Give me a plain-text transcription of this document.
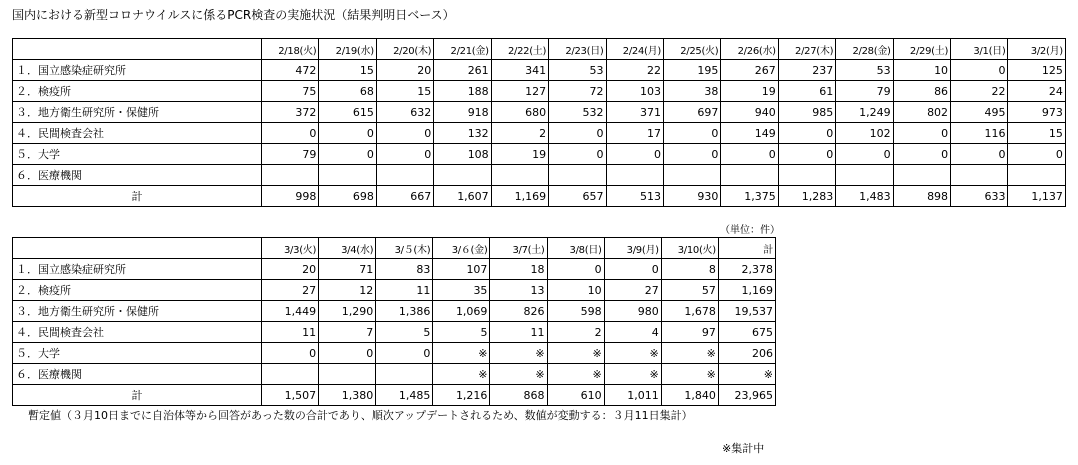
国内における新型コロナウイルスに係るPCR検査の実施状況（結果判明日ベース）
	2/18(火)	2/19(水)	2/20(木)	2/21(金)	2/22(土)	2/23(日)	2/24(月)	2/25(火)	2/26(水)	2/27(木)	2/28(金)	2/29(土)	3/1(日)	3/2(月)
１．国立感染症研究所	472	15	20	261	341	53	22	195	267	237	53	10	0	125
２．検疫所	75	68	15	188	127	72	103	38	19	61	79	86	22	24
３．地方衛生研究所・保健所	372	615	632	918	680	532	371	697	940	985	1,249	802	495	973
４．民間検査会社	0	0	0	132	2	0	17	0	149	0	102	0	116	15
５．大学	79	0	0	108	19	0	0	0	0	0	0	0	0	0
６．医療機関														
計	998	698	667	1,607	1,169	657	513	930	1,375	1,283	1,483	898	633	1,137
（単位：件）
	3/3(火)	3/4(水)	3/５(木)	3/６(金)	3/7(土)	3/8(日)	3/9(月)	3/10(火)	計
１．国立感染症研究所	20	71	83	107	18	0	0	8	2,378
２．検疫所	27	12	11	35	13	10	27	57	1,169
３．地方衛生研究所・保健所	1,449	1,290	1,386	1,069	826	598	980	1,678	19,537
４．民間検査会社	11	7	5	5	11	2	4	97	675
５．大学	0	0	0	※	※	※	※	※	206
６．医療機関				※	※	※	※	※	※
計	1,507	1,380	1,485	1,216	868	610	1,011	1,840	23,965
暫定値（３月10日までに自治体等から回答があった数の合計であり、順次アップデートされるため、数値が変動する：３月11日集計）
※集計中
